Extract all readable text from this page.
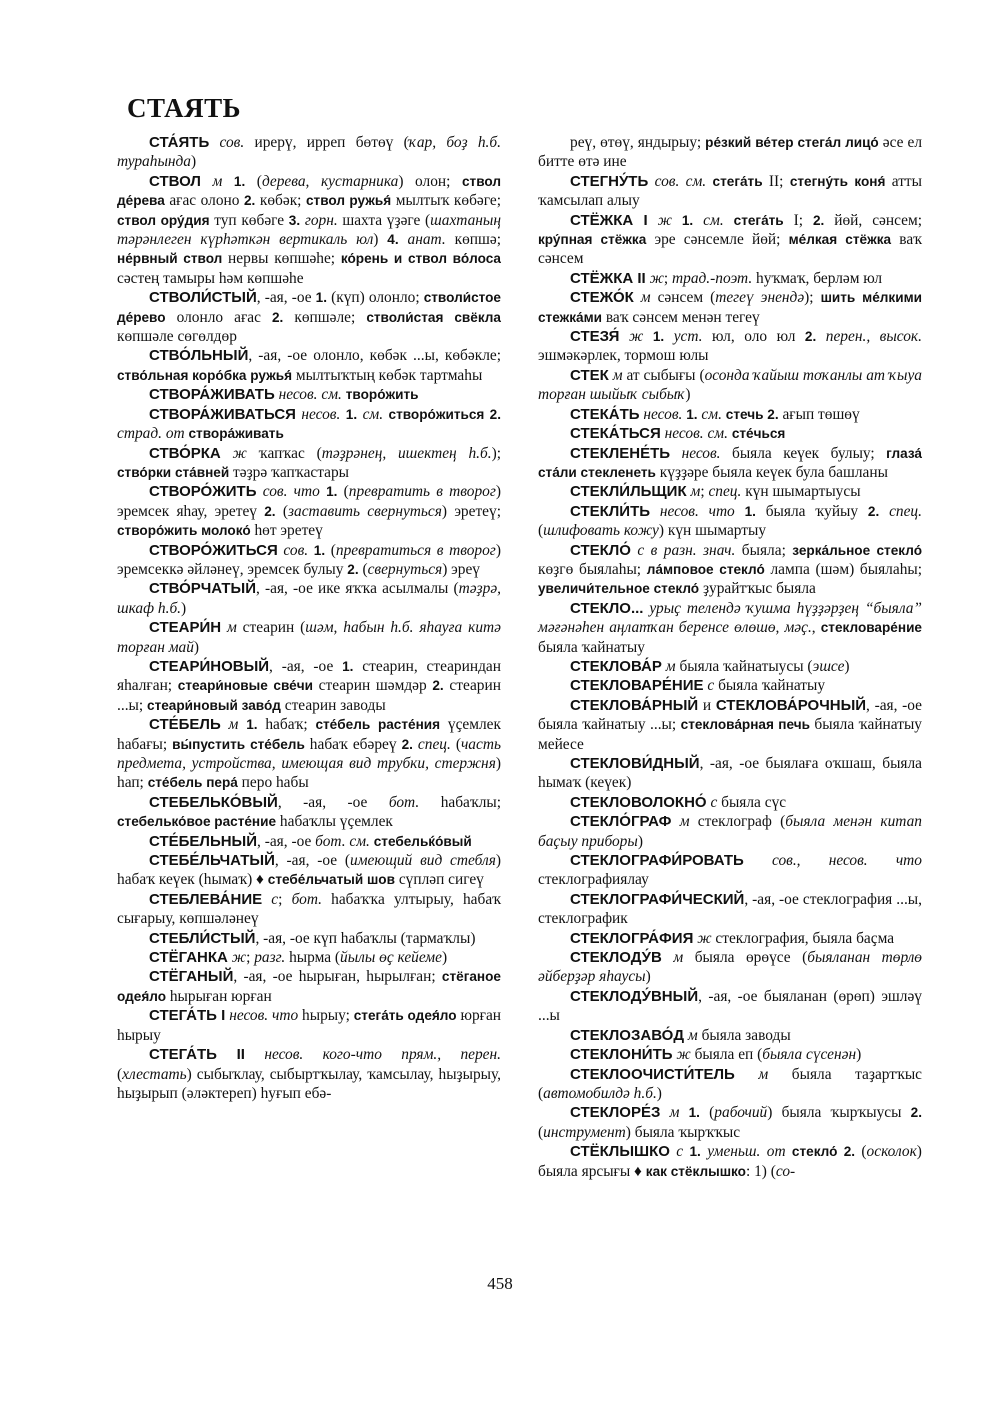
СТАЯТЬ

СТА́ЯТЬ сов. ирерү, ирреп бөтөү (ҡар, боҙ һ.б. тураһында)

СТВОЛ м 1. (дерева, кустарника) олон; ствол де́рева ағас олоно 2. көбәк; ствол ружья́ мылтыҡ көбәге; ствол ору́дия туп көбәге 3. горн. шахта үҙәге (шахтаның тәрәнлеген күрһәткән вертикаль юл) 4. анат. көпшә; не́рвный ствол нервы көпшәһе; ко́рень и ствол во́лоса сәстең тамыры һәм көпшәһе

СТВОЛИ́СТЫЙ, -ая, -ое 1. (күп) олонло; стволи́стое де́рево олонло ағас 2. көпшәле; стволи́стая свёкла көпшәле сөгөлдөр

СТВО́ЛЬНЫЙ, -ая, -ое олонло, көбәк ...ы, көбәкле; ство́льная коро́бка ружья́ мылтыҡтың көбәк тартмаһы

СТВОРА́ЖИВАТЬ несов. см. творо́жить

СТВОРА́ЖИВАТЬСЯ несов. 1. см. створо́житься 2. страд. от створа́живать

СТВО́РКА ж ҡапҡас (тәҙрәнең, ишектең һ.б.); ство́рки ста́вней тәҙрә ҡапҡастары

СТВОРО́ЖИТЬ сов. что 1. (превратить в творог) эремсек яһау, эретеү 2. (заставить свернуться) эретеү; створо́жить молоко́ һөт эретеү

СТВОРО́ЖИТЬСЯ сов. 1. (превратиться в творог) эремсеккә әйләнеү, эремсек булыу 2. (свернуться) эреү

СТВО́РЧАТЫЙ, -ая, -ое ике яҡҡа асылмалы (тәҙрә, шкаф һ.б.)

СТЕАРИ́Н м стеарин (шәм, һабын һ.б. яһауға китә торған май)

СТЕАРИ́НОВЫЙ, -ая, -ое 1. стеарин, стеариндан яһалған; стеари́новые све́чи стеарин шәмдәр 2. стеарин ...ы; стеари́новый заво́д стеарин заводы

СТЕ́БЕЛЬ м 1. һабаҡ; сте́бель расте́ния үҫемлек һабағы; вы́пустить сте́бель һабаҡ ебәреү 2. спец. (часть предмета, устройства, имеющая вид трубки, стержня) һап; сте́бель пера́ перо һабы

СТЕБЕЛЬКО́ВЫЙ, -ая, -ое бот. һабаҡлы; стебелько́вое расте́ние һабаҡлы үҫемлек

СТЕ́БЕЛЬНЫЙ, -ая, -ое бот. см. стебельќо́вый

СТЕБЕ́ЛЬЧАТЫЙ, -ая, -ое (имеющий вид стебля) һабаҡ кеүек (һымаҡ) ♦ стебе́льчатый шов сүпләп сигеү

СТЕБЛЕВА́НИЕ с; бот. һабаҡҡа ултырыу, һабаҡ сығарыу, көпшәләнеү

СТЕБЛИ́СТЫЙ, -ая, -ое күп һабаҡлы (тармаҡлы)

СТЁГАНКА ж; разг. һырма (йылы өҫ кейеме)

СТЁГАНЫЙ, -ая, -ое һырыған, һырылған; стёганое одея́ло һырыған юрған

СТЕГА́ТЬ I несов. что һырыу; стега́ть одея́ло юрған һырыу

СТЕГА́ТЬ II несов. кого-что прям., перен. (хлестать) сыбыҡлау, сыбыртҡылау, ҡамсылау, һыҙырыу, һыҙырып (әләктереп) һуғып ебә-

реү, өтөү, яндырыу; ре́зкий ве́тер стега́л лицо́ әсе ел битте өтә ине

СТЕГНУ́ТЬ сов. см. стега́ть II; стегну́ть коня́ атты ҡамсылап алыу

СТЁЖКА I ж 1. см. стега́ть I; 2. йөй, сәнсем; кру́пная стёжка эре сәнсемле йөй; ме́лкая стёжка ваҡ сәнсем

СТЁЖКА II ж; трад.-поэт. һуҡмаҡ, берләм юл

СТЕЖО́К м сәнсем (тегеү энендә); шить ме́лкими стежка́ми ваҡ сәнсем менән тегеү

СТЕЗЯ́ ж 1. уст. юл, оло юл 2. перен., высок. эшмәкәрлек, тормош юлы

СТЕК м ат сыбығы (осонда ҡайыш тоҡанлы ат ҡыуа торған шыйыҡ сыбыҡ)

СТЕКА́ТЬ несов. 1. см. стечь 2. ағып төшөү

СТЕКА́ТЬСЯ несов. см. сте́чься

СТЕКЛЕНЕ́ТЬ несов. быяла кеүек булыу; глаза́ ста́ли стекленеть күҙҙәре быяла кеүек була башланы

СТЕКЛИ́ЛЬЩИК м; спец. күн шымартыусы

СТЕКЛИ́ТЬ несов. что 1. быяла ҡуйыу 2. спец. (шлифовать кожу) күн шымартыу

СТЕКЛО́ с в разн. знач. быяла; зерка́льное стекло́ көҙгө быялаһы; ла́мповое стекло́ лампа (шәм) быялаһы; увеличи́тельное стекло́ ҙурайтҡыс быяла

СТЕКЛО... урыҫ телендә ҡушма һүҙҙәрҙең “быяла” мәғәнәһен аңлатҡан беренсе өлөшө, мәҫ., стекловаре́ние быяла ҡайнатыу

СТЕКЛОВА́Р м быяла ҡайнатыусы (эшсе)

СТЕКЛОВАРЕ́НИЕ с быяла ҡайнатыу

СТЕКЛОВА́РНЫЙ и СТЕКЛОВА́РОЧНЫЙ, -ая, -ое быяла ҡайнатыу ...ы; стеклова́рная печь быяла ҡайнатыу мейесе

СТЕКЛОВИ́ДНЫЙ, -ая, -ое быялаға оҡшаш, быяла һымаҡ (кеүек)

СТЕКЛОВОЛОКНО́ с быяла сүс

СТЕКЛО́ГРАФ м стеклограф (быяла менән китап баҫыу приборы)

СТЕКЛОГРАФИ́РОВАТЬ сов., несов. что стеклографиялау

СТЕКЛОГРАФИ́ЧЕСКИЙ, -ая, -ое стеклография ...ы, стеклографик

СТЕКЛОГРА́ФИЯ ж стеклография, быяла баҫма

СТЕКЛОДУ́В м быяла өрөүсе (быяланан төрлө әйберҙәр яһаусы)

СТЕКЛОДУ́ВНЫЙ, -ая, -ое быяланан (өрөп) эшләү ...ы

СТЕКЛОЗАВО́Д м быяла заводы

СТЕКЛОНИ́ТЬ ж быяла еп (быяла сүсенән)

СТЕКЛООЧИСТИ́ТЕЛЬ м быяла таҙартҡыс (автомобилдә һ.б.)

СТЕКЛОРЕ́З м 1. (рабочий) быяла ҡырҡыусы 2. (инструмент) быяла ҡырҡҡыс

СТЁКЛЫШКО с 1. уменьш. от стекло́ 2. (осколок) быяла ярсығы ♦ как стёклышко: 1) (со-

458
